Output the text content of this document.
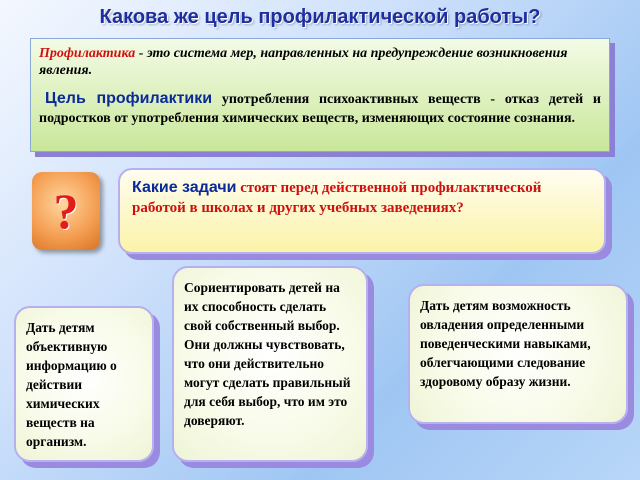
Какова же цель профилактической работы?

Профилактика - это система мер, направленных на предупреждение возникновения явления.

Цель профилактики употребления психоактивных веществ - отказ детей и подростков от употребления химических веществ, изменяющих состояние сознания.

?	Какие задачи стоят перед действенной профилактической работой в школах и других учебных заведениях?
Дать детям объективную информацию о действии химических веществ на организм.
Сориентировать детей на их способность сделать свой собственный выбор. Они должны чувствовать, что они действительно могут сделать правильный для себя выбор, что им это доверяют.
Дать детям возможность овладения определенными поведенческими навыками, облегчающими следование здоровому образу жизни.
